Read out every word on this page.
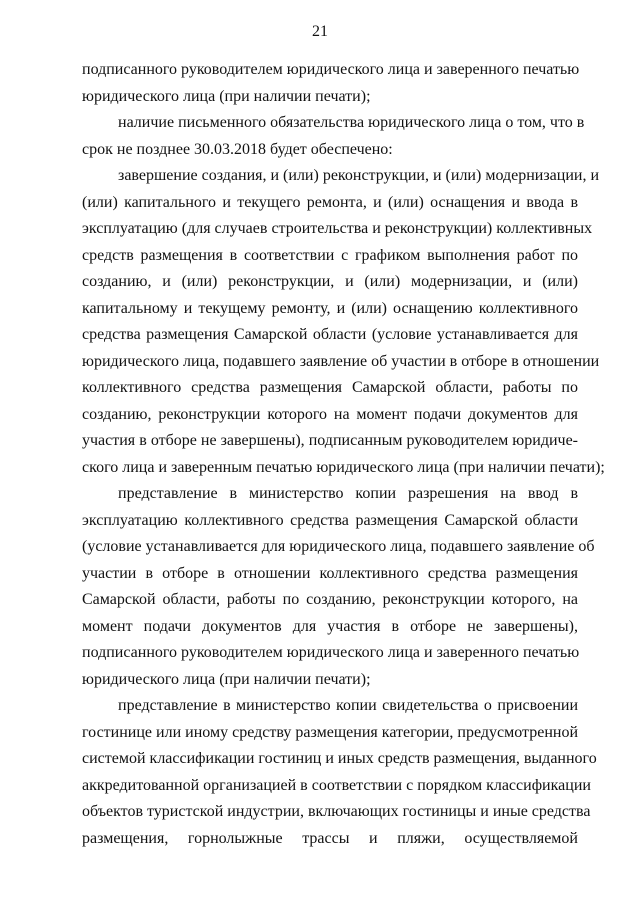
21

подписанного руководителем юридического лица и заверенного печатью
юридического лица (при наличии печати);

наличие письменного обязательства юридического лица о том, что в
срок не позднее 30.03.2018 будет обеспечено:

завершение создания, и (или) реконструкции, и (или) модернизации, и
(или) капитального и текущего ремонта, и (или) оснащения и ввода в
эксплуатацию (для случаев строительства и реконструкции) коллективных
средств размещения в соответствии с графиком выполнения работ по
созданию, и (или) реконструкции, и (или) модернизации, и (или)
капитальному и текущему ремонту, и (или) оснащению коллективного
средства размещения Самарской области (условие устанавливается для
юридического лица, подавшего заявление об участии в отборе в отношении
коллективного средства размещения Самарской области, работы по
созданию, реконструкции которого на момент подачи документов для
участия в отборе не завершены), подписанным руководителем юридиче-
ского лица и заверенным печатью юридического лица (при наличии печати);

представление в министерство копии разрешения на ввод в
эксплуатацию коллективного средства размещения Самарской области
(условие устанавливается для юридического лица, подавшего заявление об
участии в отборе в отношении коллективного средства размещения
Самарской области, работы по созданию, реконструкции которого, на
момент подачи документов для участия в отборе не завершены),
подписанного руководителем юридического лица и заверенного печатью
юридического лица (при наличии печати);

представление в министерство копии свидетельства о присвоении
гостинице или иному средству размещения категории, предусмотренной
системой классификации гостиниц и иных средств размещения, выданного
аккредитованной организацией в соответствии с порядком классификации
объектов туристской индустрии, включающих гостиницы и иные средства
размещения, горнолыжные трассы и пляжи, осуществляемой
